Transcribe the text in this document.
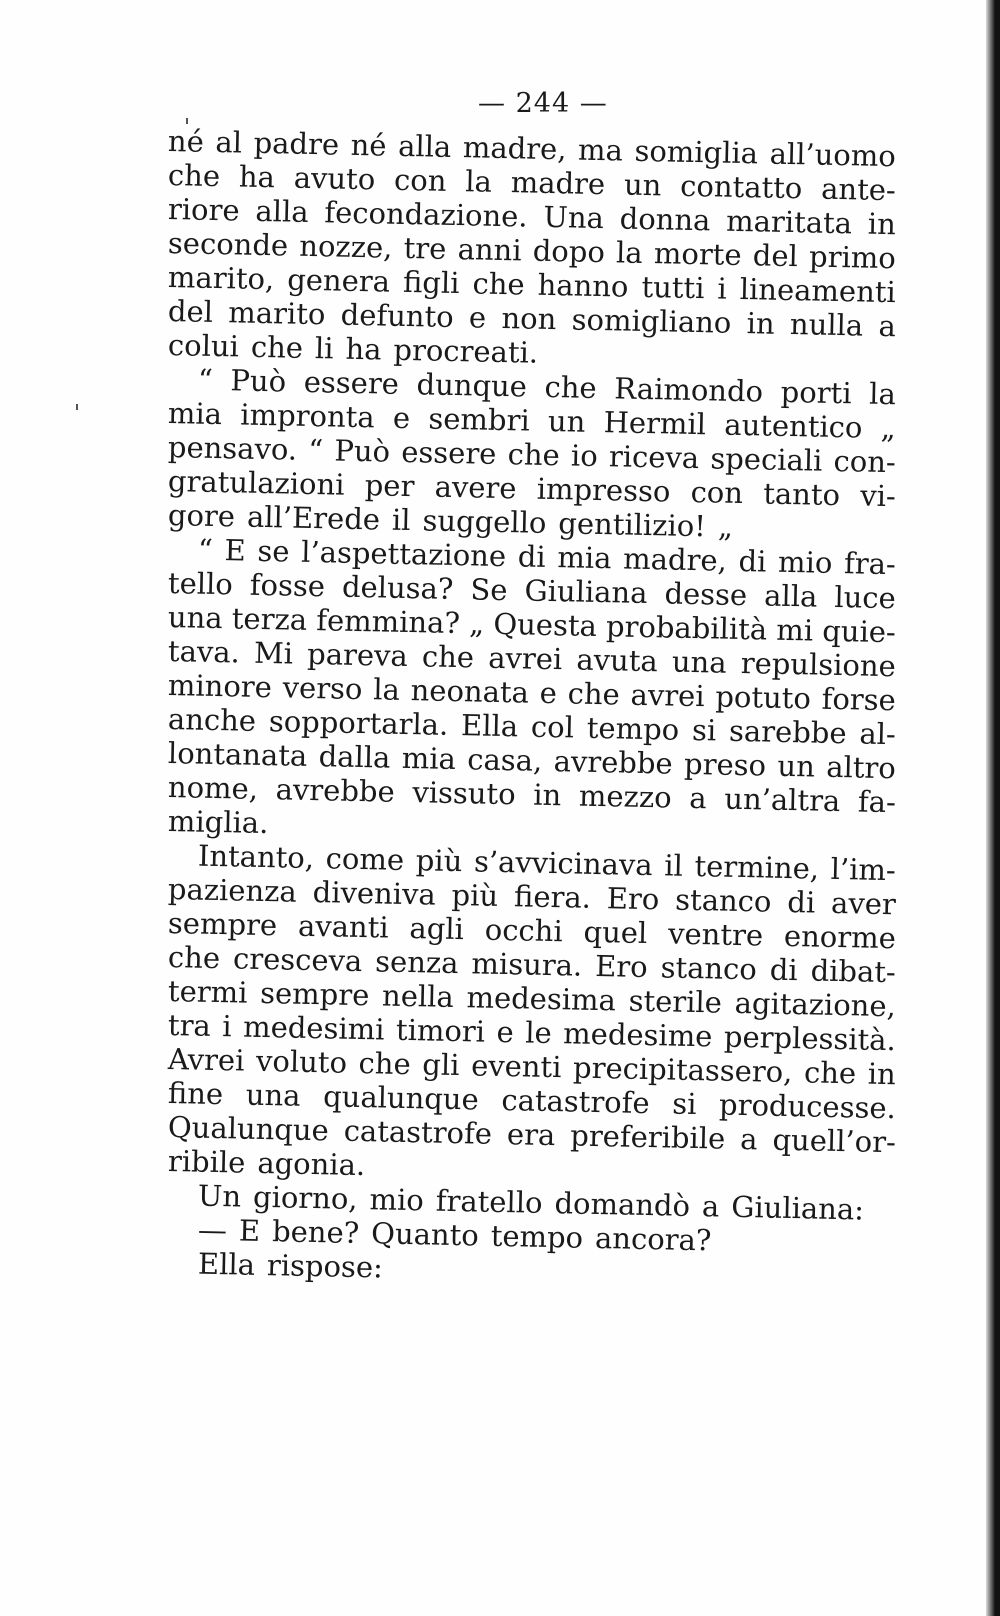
— 244 —
né al padre né alla madre, ma somiglia all’uomo
che ha avuto con la madre un contatto ante-
riore alla fecondazione. Una donna maritata in
seconde nozze, tre anni dopo la morte del primo
marito, genera figli che hanno tutti i lineamenti
del marito defunto e non somigliano in nulla a
colui che li ha procreati.
“ Può essere dunque che Raimondo porti la
mia impronta e sembri un Hermil autentico „
pensavo. “ Può essere che io riceva speciali con-
gratulazioni per avere impresso con tanto vi-
gore all’Erede il suggello gentilizio! „
“ E se l’aspettazione di mia madre, di mio fra-
tello fosse delusa? Se Giuliana desse alla luce
una terza femmina? „ Questa probabilità mi quie-
tava. Mi pareva che avrei avuta una repulsione
minore verso la neonata e che avrei potuto forse
anche sopportarla. Ella col tempo si sarebbe al-
lontanata dalla mia casa, avrebbe preso un altro
nome, avrebbe vissuto in mezzo a un’altra fa-
miglia.
Intanto, come più s’avvicinava il termine, l’im-
pazienza diveniva più fiera. Ero stanco di aver
sempre avanti agli occhi quel ventre enorme
che cresceva senza misura. Ero stanco di dibat-
termi sempre nella medesima sterile agitazione,
tra i medesimi timori e le medesime perplessità.
Avrei voluto che gli eventi precipitassero, che in
fine una qualunque catastrofe si producesse.
Qualunque catastrofe era preferibile a quell’or-
ribile agonia.
Un giorno, mio fratello domandò a Giuliana:
— E bene? Quanto tempo ancora?
Ella rispose:
